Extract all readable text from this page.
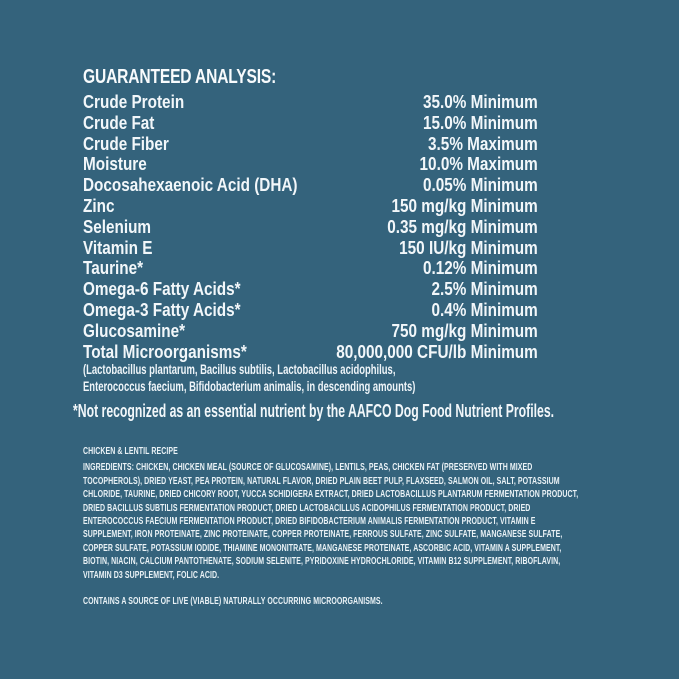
GUARANTEED ANALYSIS:
Crude Protein	35.0% Minimum
Crude Fat	15.0% Minimum
Crude Fiber	3.5% Maximum
Moisture	10.0% Maximum
Docosahexaenoic Acid (DHA)	0.05% Minimum
Zinc	150 mg/kg Minimum
Selenium	0.35 mg/kg Minimum
Vitamin E	150 IU/kg Minimum
Taurine*	0.12% Minimum
Omega-6 Fatty Acids*	2.5% Minimum
Omega-3 Fatty Acids*	0.4% Minimum
Glucosamine*	750 mg/kg Minimum
Total Microorganisms*	80,000,000 CFU/lb Minimum
(Lactobacillus plantarum, Bacillus subtilis, Lactobacillus acidophilus,
Enterococcus faecium, Bifidobacterium animalis, in descending amounts)
*Not recognized as an essential nutrient by the AAFCO Dog Food Nutrient Profiles.
CHICKEN & LENTIL RECIPE
INGREDIENTS: CHICKEN, CHICKEN MEAL (SOURCE OF GLUCOSAMINE), LENTILS, PEAS, CHICKEN FAT (PRESERVED WITH MIXED TOCOPHEROLS), DRIED YEAST, PEA PROTEIN, NATURAL FLAVOR, DRIED PLAIN BEET PULP, FLAXSEED, SALMON OIL, SALT, POTASSIUM CHLORIDE, TAURINE, DRIED CHICORY ROOT, YUCCA SCHIDIGERA EXTRACT, DRIED LACTOBACILLUS PLANTARUM FERMENTATION PRODUCT, DRIED BACILLUS SUBTILIS FERMENTATION PRODUCT, DRIED LACTOBACILLUS ACIDOPHILUS FERMENTATION PRODUCT, DRIED ENTEROCOCCUS FAECIUM FERMENTATION PRODUCT, DRIED BIFIDOBACTERIUM ANIMALIS FERMENTATION PRODUCT, VITAMIN E SUPPLEMENT, IRON PROTEINATE, ZINC PROTEINATE, COPPER PROTEINATE, FERROUS SULFATE, ZINC SULFATE, MANGANESE SULFATE, COPPER SULFATE, POTASSIUM IODIDE, THIAMINE MONONITRATE, MANGANESE PROTEINATE, ASCORBIC ACID, VITAMIN A SUPPLEMENT, BIOTIN, NIACIN, CALCIUM PANTOTHENATE, SODIUM SELENITE, PYRIDOXINE HYDROCHLORIDE, VITAMIN B12 SUPPLEMENT, RIBOFLAVIN, VITAMIN D3 SUPPLEMENT, FOLIC ACID.
CONTAINS A SOURCE OF LIVE (VIABLE) NATURALLY OCCURRING MICROORGANISMS.
